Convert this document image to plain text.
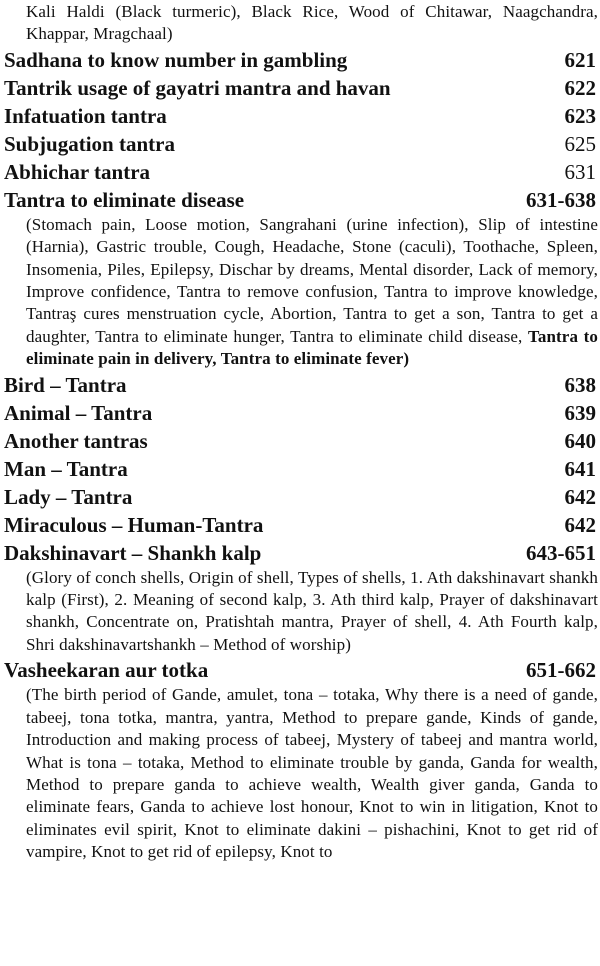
Kali Haldi (Black turmeric), Black Rice, Wood of Chitawar, Naagchandra, Khappar, Mragchaal)

Sadhana to know number in gambling	621
Tantrik usage of gayatri mantra and havan	622
Infatuation tantra	623
Subjugation tantra	625
Abhichar tantra	631
Tantra to eliminate disease	631-638

(Stomach pain, Loose motion, Sangrahani (urine infection), Slip of intestine (Harnia), Gastric trouble, Cough, Headache, Stone (caculi), Toothache, Spleen, Insomenia, Piles, Epilepsy, Dischar by dreams, Mental disorder, Lack of memory, Improve confidence, Tantra to remove confusion, Tantra to improve knowledge, Tantraş cures menstruation cycle, Abortion, Tantra to get a son, Tantra to get a daughter, Tantra to eliminate hunger, Tantra to eliminate child disease, Tantra to eliminate pain in delivery, Tantra to eliminate fever)

Bird – Tantra	638
Animal – Tantra	639
Another tantras	640
Man – Tantra	641
Lady – Tantra	642
Miraculous – Human-Tantra	642
Dakshinavart – Shankh kalp	643-651

(Glory of conch shells, Origin of shell, Types of shells, 1. Ath dakshinavart shankh kalp (First), 2. Meaning of second kalp, 3. Ath third kalp, Prayer of dakshinavart shankh, Concentrate on, Pratishtah mantra, Prayer of shell, 4. Ath Fourth kalp, Shri dakshinavartshankh – Method of worship)

Vasheekaran aur totka	651-662

(The birth period of Gande, amulet, tona – totaka, Why there is a need of gande, tabeej, tona totka, mantra, yantra, Method to prepare gande, Kinds of gande, Introduction and making process of tabeej, Mystery of tabeej and mantra world, What is tona – totaka, Method to eliminate trouble by ganda, Ganda for wealth, Method to prepare ganda to achieve wealth, Wealth giver ganda, Ganda to eliminate fears, Ganda to achieve lost honour, Knot to win in litigation, Knot to eliminates evil spirit, Knot to eliminate dakini – pishachini, Knot to get rid of vampire, Knot to get rid of epilepsy, Knot to
